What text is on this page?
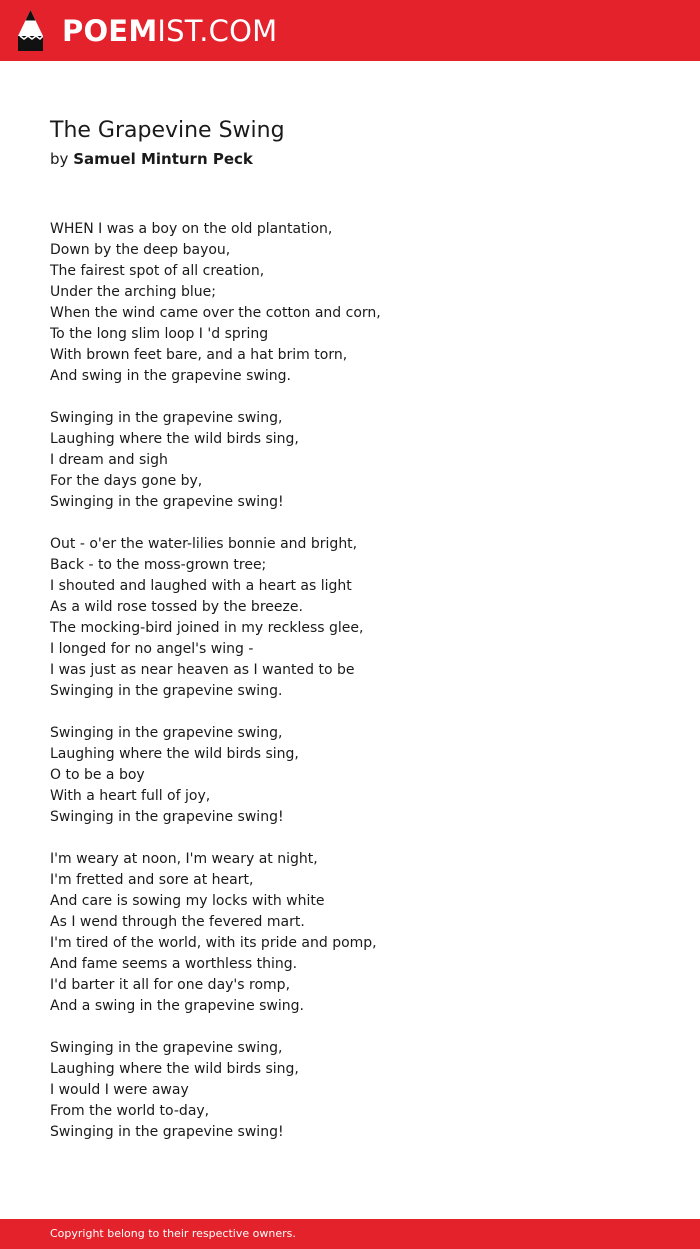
POEMIST.COM
The Grapevine Swing
by Samuel Minturn Peck
WHEN I was a boy on the old plantation,
Down by the deep bayou,
The fairest spot of all creation,
Under the arching blue;
When the wind came over the cotton and corn,
To the long slim loop I 'd spring
With brown feet bare, and a hat brim torn,
And swing in the grapevine swing.
Swinging in the grapevine swing,
Laughing where the wild birds sing,
I dream and sigh
For the days gone by,
Swinging in the grapevine swing!
Out - o'er the water-lilies bonnie and bright,
Back - to the moss-grown tree;
I shouted and laughed with a heart as light
As a wild rose tossed by the breeze.
The mocking-bird joined in my reckless glee,
I longed for no angel's wing -
I was just as near heaven as I wanted to be
Swinging in the grapevine swing.
Swinging in the grapevine swing,
Laughing where the wild birds sing,
O to be a boy
With a heart full of joy,
Swinging in the grapevine swing!
I'm weary at noon, I'm weary at night,
I'm fretted and sore at heart,
And care is sowing my locks with white
As I wend through the fevered mart.
I'm tired of the world, with its pride and pomp,
And fame seems a worthless thing.
I'd barter it all for one day's romp,
And a swing in the grapevine swing.
Swinging in the grapevine swing,
Laughing where the wild birds sing,
I would I were away
From the world to-day,
Swinging in the grapevine swing!
Copyright belong to their respective owners.
